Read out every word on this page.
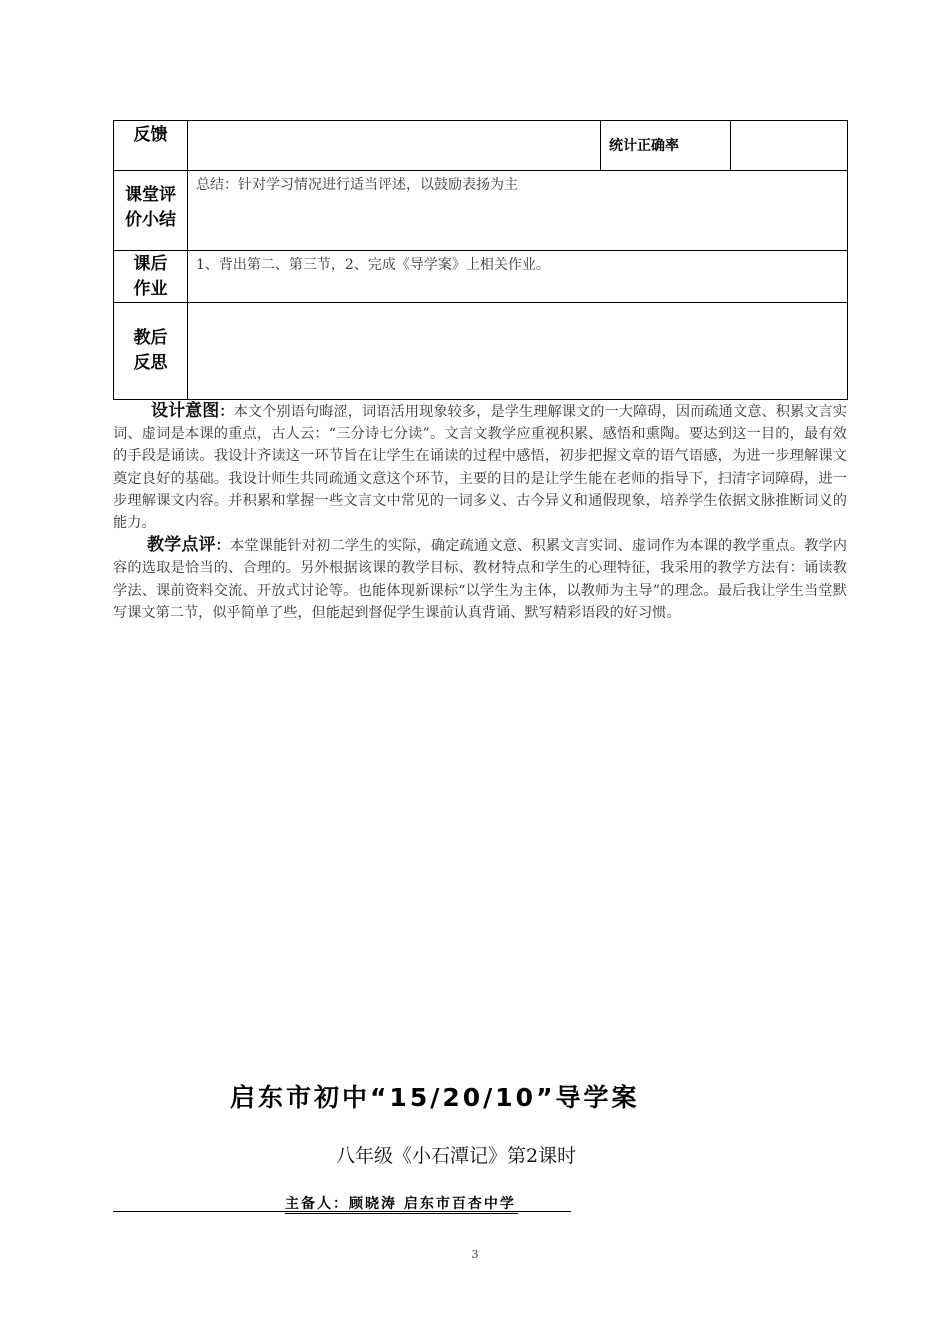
反馈		统计正确率	

课堂评价小结	总结：针对学习情况进行适当评述，以鼓励表扬为主		

课后作业	1、背出第二、第三节，2、完成《导学案》上相关作业。		

教后反思			

设计意图：本文个别语句晦涩，词语活用现象较多，是学生理解课文的一大障碍，因而疏通文意、积累文言实词、虚词是本课的重点，古人云：“三分诗七分读”。文言文教学应重视积累、感悟和熏陶。要达到这一目的，最有效的手段是诵读。我设计齐读这一环节旨在让学生在诵读的过程中感悟，初步把握文章的语气语感，为进一步理解课文奠定良好的基础。我设计师生共同疏通文意这个环节，主要的目的是让学生能在老师的指导下，扫清字词障碍，进一步理解课文内容。并积累和掌握一些文言文中常见的一词多义、古今异义和通假现象，培养学生依据文脉推断词义的能力。

教学点评：本堂课能针对初二学生的实际，确定疏通文意、积累文言实词、虚词作为本课的教学重点。教学内容的选取是恰当的、合理的。另外根据该课的教学目标、教材特点和学生的心理特征，我采用的教学方法有：诵读教学法、课前资料交流、开放式讨论等。也能体现新课标“以学生为主体，以教师为主导”的理念。最后我让学生当堂默写课文第二节，似乎简单了些，但能起到督促学生课前认真背诵、默写精彩语段的好习惯。

启东市初中“15/20/10”导学案
八年级《小石潭记》第2课时
主备人：顾晓涛 启东市百杏中学
3
